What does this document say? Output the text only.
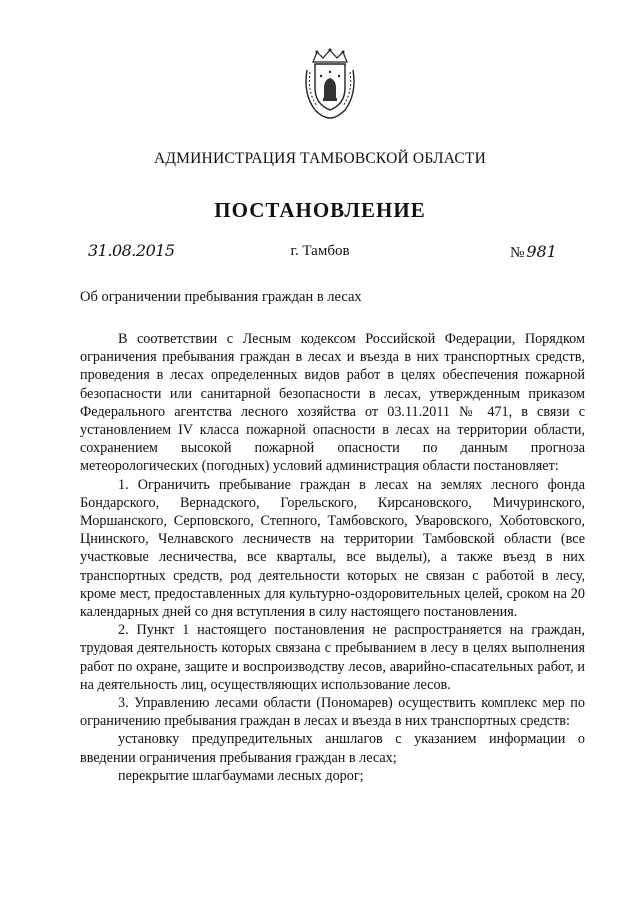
АДМИНИСТРАЦИЯ ТАМБОВСКОЙ ОБЛАСТИ
ПОСТАНОВЛЕНИЕ
31.08.2015	г. Тамбов	№ 981
Об ограничении пребывания граждан в лесах

В соответствии с Лесным кодексом Российской Федерации, Порядком ограничения пребывания граждан в лесах и въезда в них транспортных средств, проведения в лесах определенных видов работ в целях обеспечения пожарной безопасности или санитарной безопасности в лесах, утвержденным приказом Федерального агентства лесного хозяйства от 03.11.2011 № 471, в связи с установлением IV класса пожарной опасности в лесах на территории области, сохранением высокой пожарной опасности по данным прогноза метеорологических (погодных) условий администрация области постановляет:

1. Ограничить пребывание граждан в лесах на землях лесного фонда Бондарского, Вернадского, Горельского, Кирсановского, Мичуринского, Моршанского, Серповского, Степного, Тамбовского, Уваровского, Хоботовского, Цнинского, Челнавского лесничеств на территории Тамбовской области (все участковые лесничества, все кварталы, все выделы), а также въезд в них транспортных средств, род деятельности которых не связан с работой в лесу, кроме мест, предоставленных для культурно-оздоровительных целей, сроком на 20 календарных дней со дня вступления в силу настоящего постановления.

2. Пункт 1 настоящего постановления не распространяется на граждан, трудовая деятельность которых связана с пребыванием в лесу в целях выполнения работ по охране, защите и воспроизводству лесов, аварийно-спасательных работ, и на деятельность лиц, осуществляющих использование лесов.

3. Управлению лесами области (Пономарев) осуществить комплекс мер по ограничению пребывания граждан в лесах и въезда в них транспортных средств:

установку предупредительных аншлагов с указанием информации о введении ограничения пребывания граждан в лесах;

перекрытие шлагбаумами лесных дорог;
